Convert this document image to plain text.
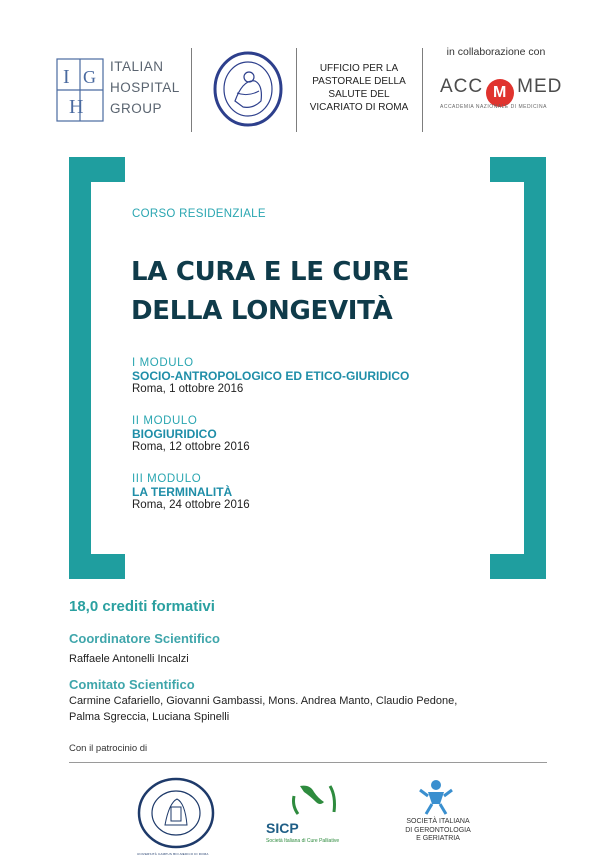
I G
H
ITALIAN
HOSPITAL
GROUP
UFFICIO PER LA PASTORALE DELLA SALUTE DEL VICARIATO DI ROMA
in collaborazione con
ACC M MED
ACCADEMIA NAZIONALE DI MEDICINA
CORSO RESIDENZIALE
LA CURA E LE CURE
DELLA LONGEVITÀ
I MODULO
SOCIO-ANTROPOLOGICO ED ETICO-GIURIDICO
Roma, 1 ottobre 2016
II MODULO
BIOGIURIDICO
Roma, 12 ottobre 2016
III MODULO
LA TERMINALITÀ
Roma, 24 ottobre 2016
18,0 crediti formativi
Coordinatore Scientifico
Raffaele Antonelli Incalzi
Comitato Scientifico
Carmine Cafariello, Giovanni Gambassi, Mons. Andrea Manto, Claudio Pedone,
Palma Sgreccia, Luciana Spinelli
Con il patrocinio di
UNIVERSITÀ CAMPUS BIO-MEDICO DI ROMA
SICP
Società Italiana di Cure Palliative
SOCIETÀ ITALIANA
DI GERONTOLOGIA
E GERIATRIA
